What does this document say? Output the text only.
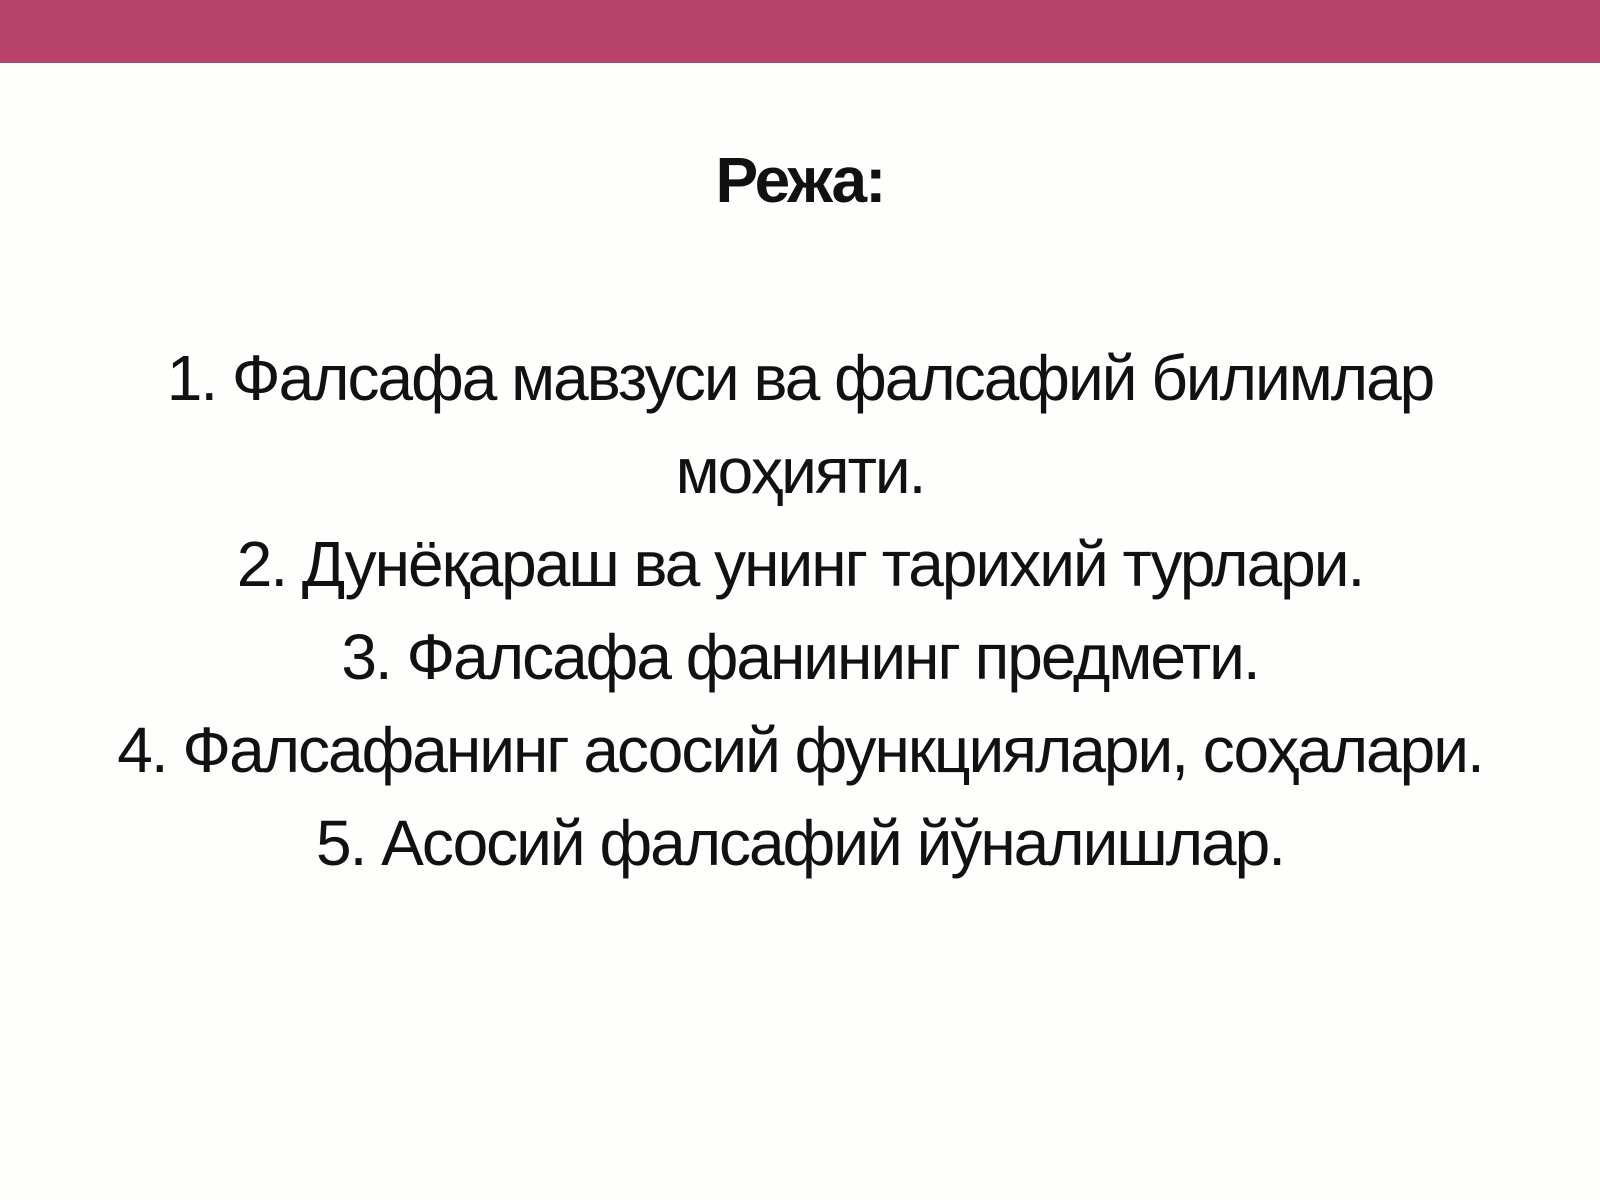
Режа:
1. Фалсафа мавзуси ва фалсафий билимлар моҳияти.
2. Дунёқараш ва унинг тарихий турлари.
3. Фалсафа фанининг предмети.
4. Фалсафанинг асосий функциялари, соҳалари.
5. Асосий фалсафий йўналишлар.
